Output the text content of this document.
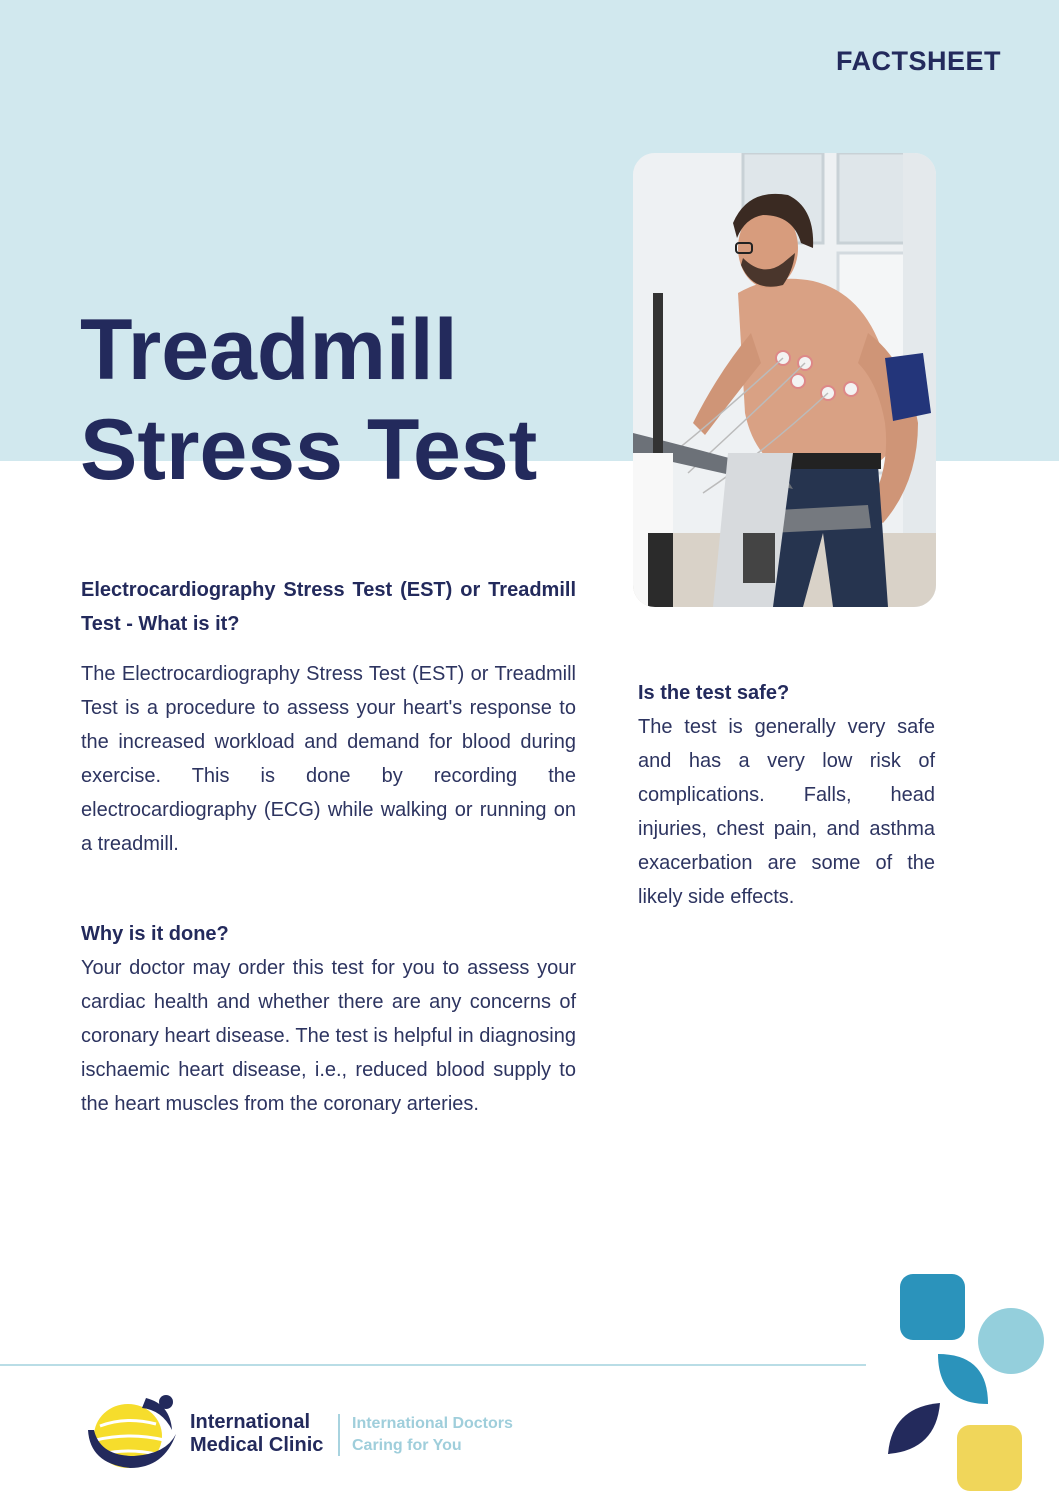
FACTSHEET
Treadmill
Stress Test

Electrocardiography Stress Test (EST) or Treadmill Test - What is it?

The Electrocardiography Stress Test (EST) or Treadmill Test is a procedure to assess your heart's response to the increased workload and demand for blood during exercise. This is done by recording the electrocardiography (ECG) while walking or running on a treadmill.

Why is it done?

Your doctor may order this test for you to assess your cardiac health and whether there are any concerns of coronary heart disease. The test is helpful in diagnosing ischaemic heart disease, i.e., reduced blood supply to the heart muscles from the coronary arteries.

Is the test safe?

The test is generally very safe and has a very low risk of complications. Falls, head injuries, chest pain, and asthma exacerbation are some of the likely side effects.

International
Medical Clinic
International Doctors
Caring for You
